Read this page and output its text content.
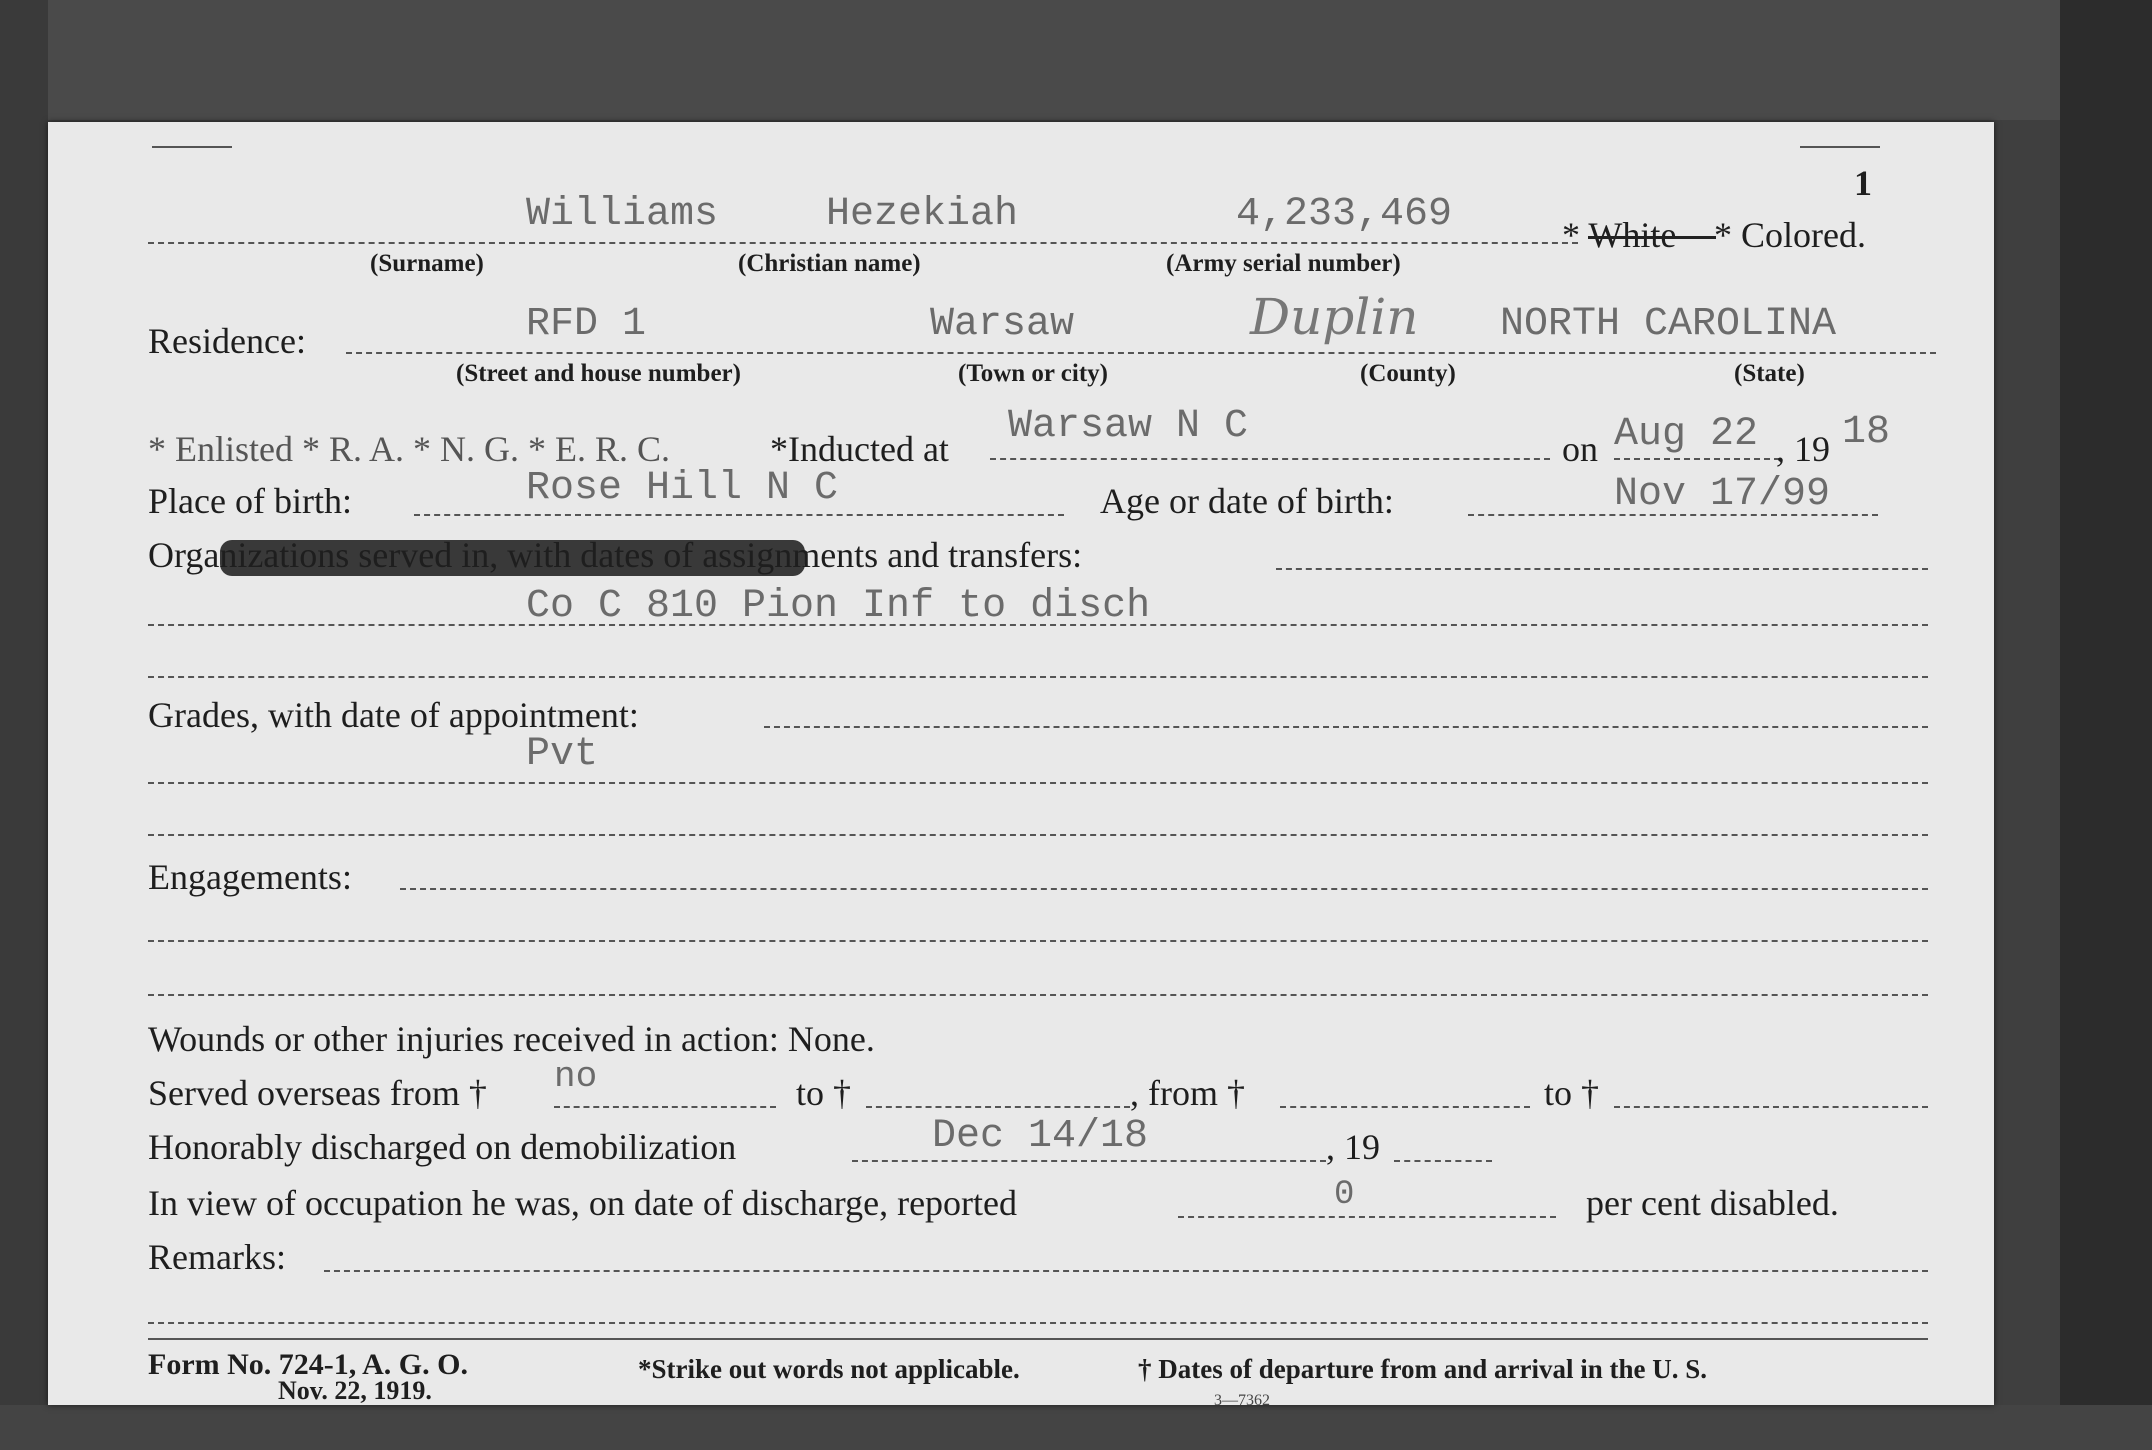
1
Williams	Hezekiah	4,233,469	* White * Colored.
(Surname)	(Christian name)	(Army serial number)
Residence:	RFD 1	Warsaw	Duplin NORTH CAROLINA
(Street and house number)	(Town or city)	(County)	(State)
* Enlisted * R. A. * N. G. * E. R. C.	*Inducted at Warsaw N C	on Aug 22 , 19 18
Place of birth:	Rose Hill N C	Age or date of birth:	Nov 17/99
Organizations served in, with dates of assignments and transfers:
Co C 810 Pion Inf to disch
Grades, with date of appointment:
Pvt
Engagements:
Wounds or other injuries received in action: None.
no
Served overseas from †	to †	, from †	to †
Honorably discharged on demobilization	Dec 14/18	, 19
In view of occupation he was, on date of discharge, reported	0	per cent disabled.
Remarks:
Form No. 724-1, A. G. O.
Nov. 22, 1919.
*Strike out words not applicable.	† Dates of departure from and arrival in the U. S.
3—7362
